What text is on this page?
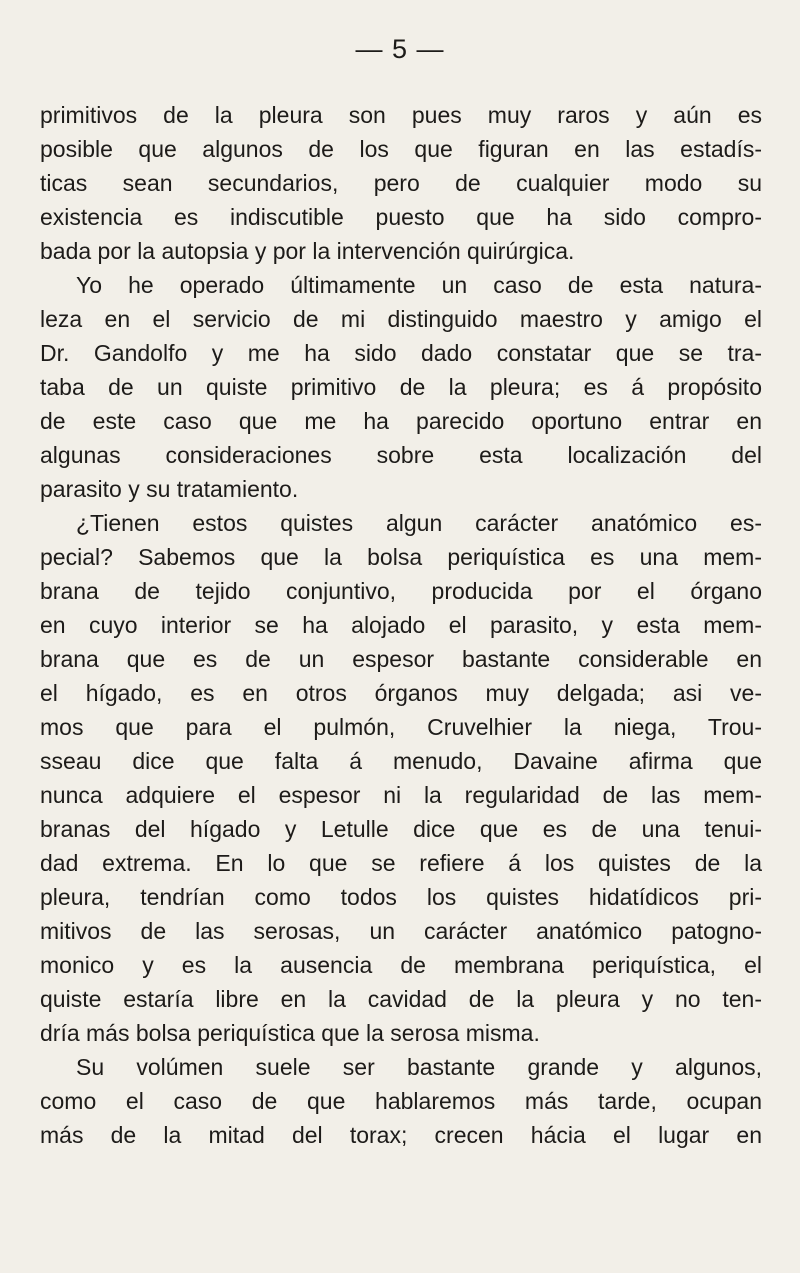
— 5 —
primitivos de la pleura son pues muy raros y aún es
posible que algunos de los que figuran en las estadís-
ticas sean secundarios, pero de cualquier modo su
existencia es indiscutible puesto que ha sido compro-
bada por la autopsia y por la intervención quirúrgica.
Yo he operado últimamente un caso de esta natura-
leza en el servicio de mi distinguido maestro y amigo el
Dr. Gandolfo y me ha sido dado constatar que se tra-
taba de un quiste primitivo de la pleura; es á propósito
de este caso que me ha parecido oportuno entrar en
algunas consideraciones sobre esta localización del
parasito y su tratamiento.
¿Tienen estos quistes algun carácter anatómico es-
pecial? Sabemos que la bolsa periquística es una mem-
brana de tejido conjuntivo, producida por el órgano
en cuyo interior se ha alojado el parasito, y esta mem-
brana que es de un espesor bastante considerable en
el hígado, es en otros órganos muy delgada; asi ve-
mos que para el pulmón, Cruvelhier la niega, Trou-
sseau dice que falta á menudo, Davaine afirma que
nunca adquiere el espesor ni la regularidad de las mem-
branas del hígado y Letulle dice que es de una tenui-
dad extrema. En lo que se refiere á los quistes de la
pleura, tendrían como todos los quistes hidatídicos pri-
mitivos de las serosas, un carácter anatómico patogno-
monico y es la ausencia de membrana periquística, el
quiste estaría libre en la cavidad de la pleura y no ten-
dría más bolsa periquística que la serosa misma.
Su volúmen suele ser bastante grande y algunos,
como el caso de que hablaremos más tarde, ocupan
más de la mitad del torax; crecen hácia el lugar en
